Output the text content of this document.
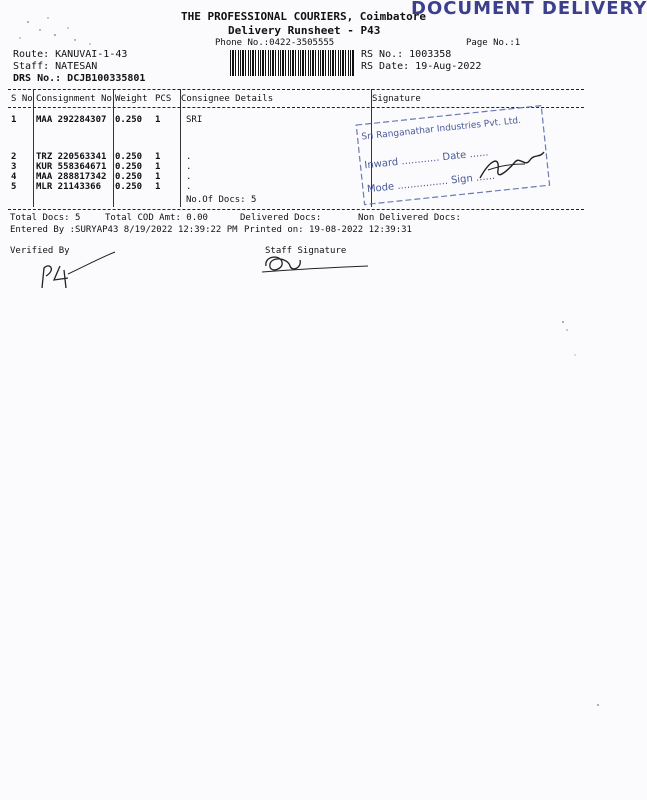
THE PROFESSIONAL COURIERS, Coimbatore
DOCUMENT DELIVERY
Delivery Runsheet - P43
Phone No.:0422-3505555	Page No.:1
Route: KANUVAI-1-43
Staff: NATESAN
DRS No.: DCJB100335801
RS No.: 1003358
RS Date: 19-Aug-2022
S No Consignment No Weight PCS Consignee Details	Signature
1 MAA 292284307 0.250 1	SRI
2 TRZ 220563341 0.250 1	.
3 KUR 558364671 0.250 1	.
4 MAA 288817342 0.250 1	.
5 MLR 21143366 0.250 1	.
No.Of Docs: 5
Sri Ranganathar Industries Pvt. Ltd.
Inward ............ Date ......
Mode ................ Sign ......
Total Docs: 5	Total COD Amt: 0.00	Delivered Docs:	Non Delivered Docs:
Entered By :SURYAP43 8/19/2022 12:39:22 PM Printed on: 19-08-2022 12:39:31
Verified By	Staff Signature
